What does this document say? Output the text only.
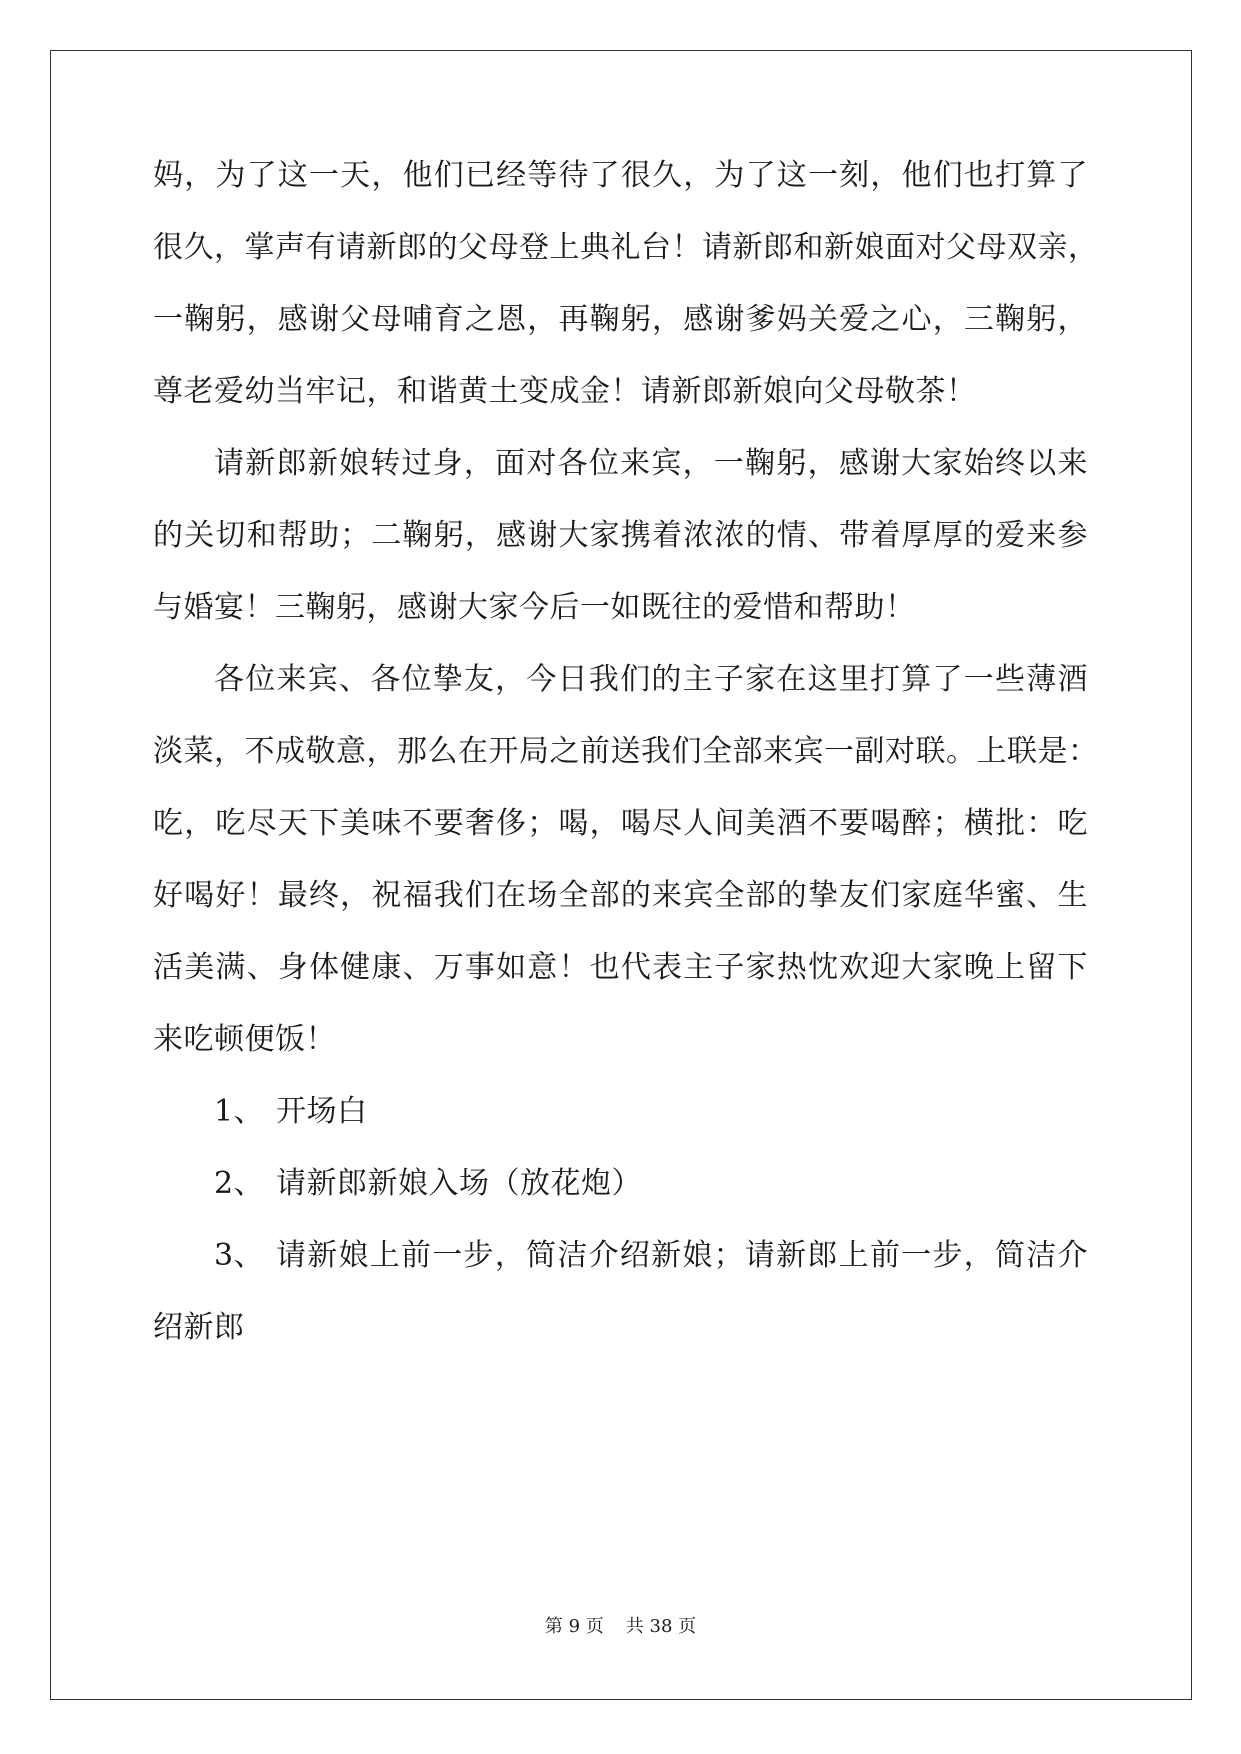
妈，为了这一天，他们已经等待了很久，为了这一刻，他们也打算了
很久，掌声有请新郎的父母登上典礼台！请新郎和新娘面对父母双亲，
一鞠躬，感谢父母哺育之恩，再鞠躬，感谢爹妈关爱之心，三鞠躬，
尊老爱幼当牢记，和谐黄土变成金！请新郎新娘向父母敬茶！
请新郎新娘转过身，面对各位来宾，一鞠躬，感谢大家始终以来
的关切和帮助；二鞠躬，感谢大家携着浓浓的情、带着厚厚的爱来参
与婚宴！三鞠躬，感谢大家今后一如既往的爱惜和帮助！
各位来宾、各位挚友，今日我们的主子家在这里打算了一些薄酒
淡菜，不成敬意，那么在开局之前送我们全部来宾一副对联。上联是：
吃，吃尽天下美味不要奢侈；喝，喝尽人间美酒不要喝醉；横批：吃
好喝好！最终，祝福我们在场全部的来宾全部的挚友们家庭华蜜、生
活美满、身体健康、万事如意！也代表主子家热忱欢迎大家晚上留下
来吃顿便饭！
1、 开场白
2、 请新郎新娘入场（放花炮）
3、 请新娘上前一步，简洁介绍新娘；请新郎上前一步，简洁介
绍新郎
第 9 页 共 38 页
